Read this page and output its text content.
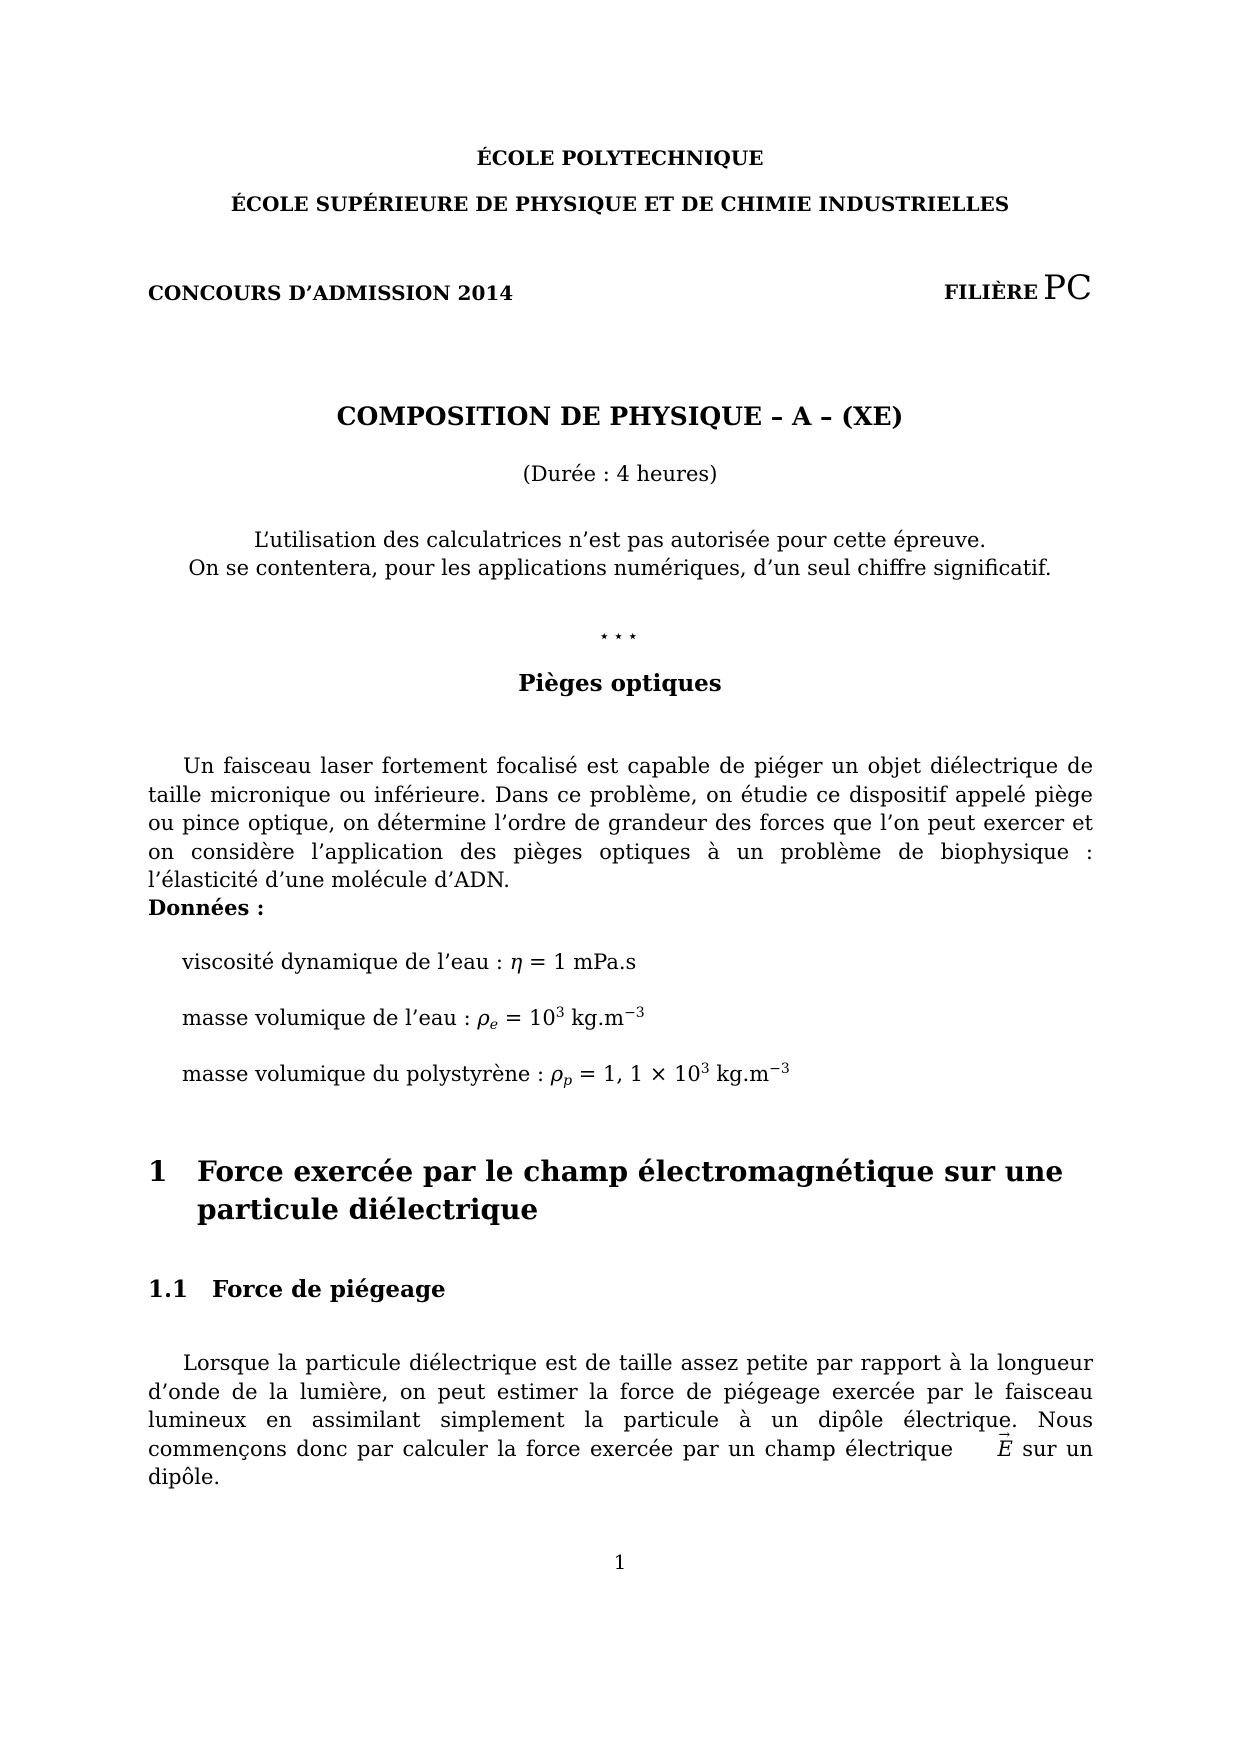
ÉCOLE POLYTECHNIQUE
ÉCOLE SUPÉRIEURE DE PHYSIQUE ET DE CHIMIE INDUSTRIELLES
CONCOURS D’ADMISSION 2014	FILIÈRE PC
COMPOSITION DE PHYSIQUE – A – (XE)
(Durée : 4 heures)
L’utilisation des calculatrices n’est pas autorisée pour cette épreuve.
On se contentera, pour les applications numériques, d’un seul chiffre significatif.
⋆⋆⋆
Pièges optiques
Un faisceau laser fortement focalisé est capable de piéger un objet diélectrique de taille micronique ou inférieure. Dans ce problème, on étudie ce dispositif appelé piège ou pince optique, on détermine l’ordre de grandeur des forces que l’on peut exercer et on considère l’application des pièges optiques à un problème de biophysique : l’élasticité d’une molécule d’ADN.
Données :
viscosité dynamique de l’eau : η = 1 mPa.s
masse volumique de l’eau : $\rho_e = 10^3$ $kg.m^{-3}$
masse volumique du polystyrène : $\rho_p = 1$, $1 \times 10^3$ $kg.m^{-3}$
1 Force exercée par le champ électromagnétique sur une particule diélectrique
1.1 Force de piégeage
Lorsque la particule diélectrique est de taille assez petite par rapport à la longueur d’onde de la lumière, on peut estimer la force de piégeage exercée par le faisceau lumineux en assimilant simplement la particule à un dipôle électrique. Nous commençons donc par calculer la force exercée par un champ électrique → E sur un dipôle.
1
